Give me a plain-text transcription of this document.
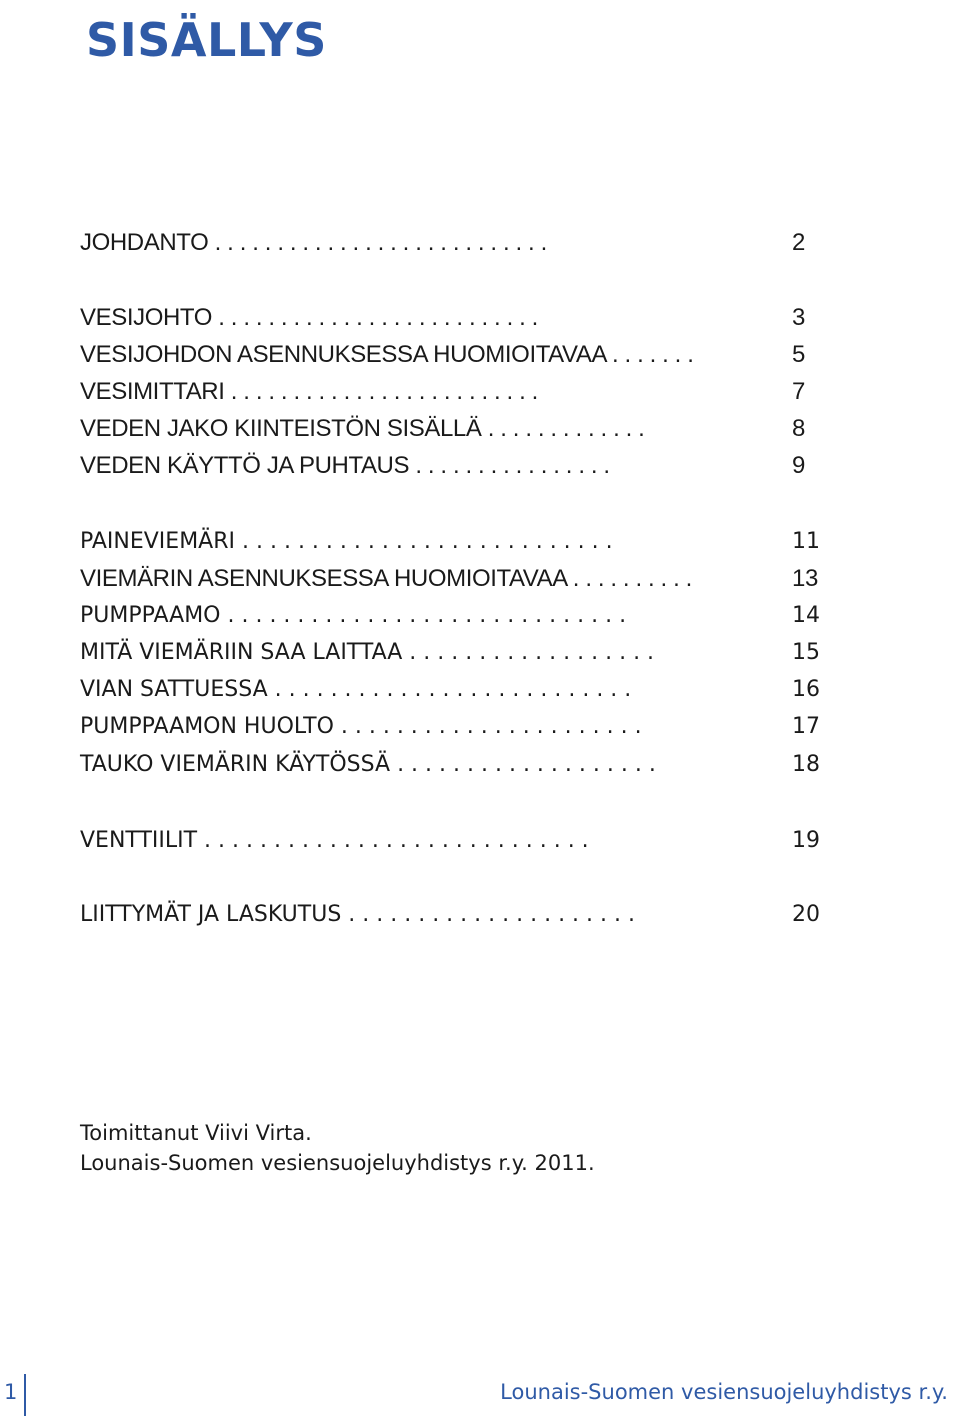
SISÄLLYS
JOHDANTO . . . . . . . . . . . . . . . . . . . . . . . . . . .	2
VESIJOHTO . . . . . . . . . . . . . . . . . . . . . . . . . .	3
VESIJOHDON ASENNUKSESSA HUOMIOITAVAA . . . . . . .	5
VESIMITTARI . . . . . . . . . . . . . . . . . . . . . . . . .	7
VEDEN JAKO KIINTEISTÖN SISÄLLÄ . . . . . . . . . . . . .	8
VEDEN KÄYTTÖ JA PUHTAUS . . . . . . . . . . . . . . . .	9
PAINEVIEMÄRI . . . . . . . . . . . . . . . . . . . . . . . . . . .	11
VIEMÄRIN ASENNUKSESSA HUOMIOITAVAA . . . . . . . . . .	13
PUMPPAAMO . . . . . . . . . . . . . . . . . . . . . . . . . . . . .	14
MITÄ VIEMÄRIIN SAA LAITTAA . . . . . . . . . . . . . . . . . .	15
VIAN SATTUESSA . . . . . . . . . . . . . . . . . . . . . . . . . .	16
PUMPPAAMON HUOLTO . . . . . . . . . . . . . . . . . . . . . .	17
TAUKO VIEMÄRIN KÄYTÖSSÄ . . . . . . . . . . . . . . . . . . .	18
VENTTIILIT . . . . . . . . . . . . . . . . . . . . . . . . . . . .	19
LIITTYMÄT JA LASKUTUS . . . . . . . . . . . . . . . . . . . . .	20
Toimittanut Viivi Virta.
Lounais-Suomen vesiensuojeluyhdistys r.y. 2011.
1	Lounais-Suomen vesiensuojeluyhdistys r.y.
